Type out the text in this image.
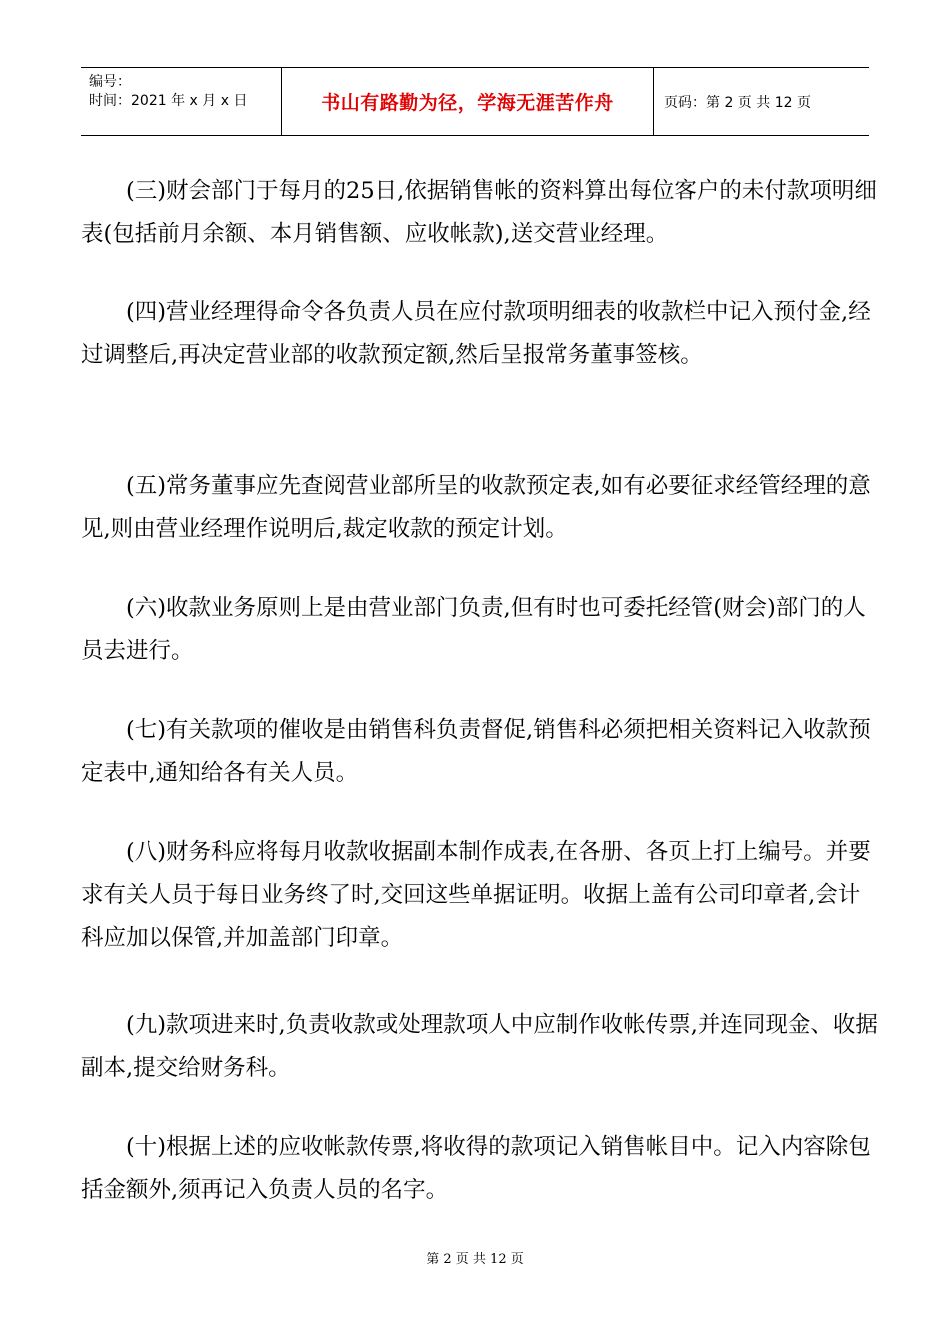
编号：
时间：2021 年 x 月 x 日	书山有路勤为径，学海无涯苦作舟	页码：第 2 页 共 12 页

(三)财会部门于每月的25日,依据销售帐的资料算出每位客户的未付款项明细表(包括前月余额、本月销售额、应收帐款),送交营业经理。

(四)营业经理得命令各负责人员在应付款项明细表的收款栏中记入预付金,经过调整后,再决定营业部的收款预定额,然后呈报常务董事签核。

(五)常务董事应先查阅营业部所呈的收款预定表,如有必要征求经管经理的意见,则由营业经理作说明后,裁定收款的预定计划。

(六)收款业务原则上是由营业部门负责,但有时也可委托经管(财会)部门的人员去进行。

(七)有关款项的催收是由销售科负责督促,销售科必须把相关资料记入收款预定表中,通知给各有关人员。

(八)财务科应将每月收款收据副本制作成表,在各册、各页上打上编号。并要求有关人员于每日业务终了时,交回这些单据证明。收据上盖有公司印章者,会计科应加以保管,并加盖部门印章。

(九)款项进来时,负责收款或处理款项人中应制作收帐传票,并连同现金、收据副本,提交给财务科。

(十)根据上述的应收帐款传票,将收得的款项记入销售帐目中。记入内容除包括金额外,须再记入负责人员的名字。

第 2 页 共 12 页
